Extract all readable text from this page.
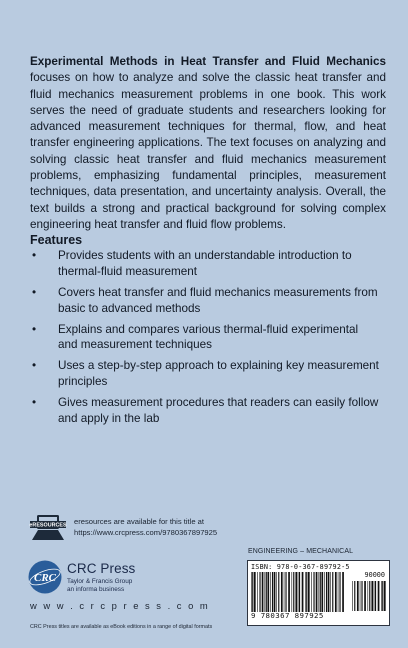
Experimental Methods in Heat Transfer and Fluid Mechanics focuses on how to analyze and solve the classic heat transfer and fluid mechanics measurement problems in one book. This work serves the need of graduate students and researchers looking for advanced measurement techniques for thermal, flow, and heat transfer engineering applications. The text focuses on analyzing and solving classic heat transfer and fluid mechanics measurement problems, emphasizing fundamental principles, measurement techniques, data presentation, and uncertainty analysis. Overall, the text builds a strong and practical background for solving complex engineering heat transfer and fluid flow problems.

Features
• Provides students with an understandable introduction to thermal-fluid measurement
• Covers heat transfer and fluid mechanics measurements from basic to advanced methods
• Explains and compares various thermal-fluid experimental and measurement techniques
• Uses a step-by-step approach to explaining key measurement principles
• Gives measurement procedures that readers can easily follow and apply in the lab
eRESOURCES eresources are available for this title at
https://www.crcpress.com/9780367897925
CRC
CRC Press
Taylor & Francis Group
an informa business
w w w . c r c p r e s s . c o m
CRC Press titles are available as eBook editions in a range of digital formats
ENGINEERING – MECHANICAL
ISBN: 978-0-367-89792-5
90000
9 780367 897925
